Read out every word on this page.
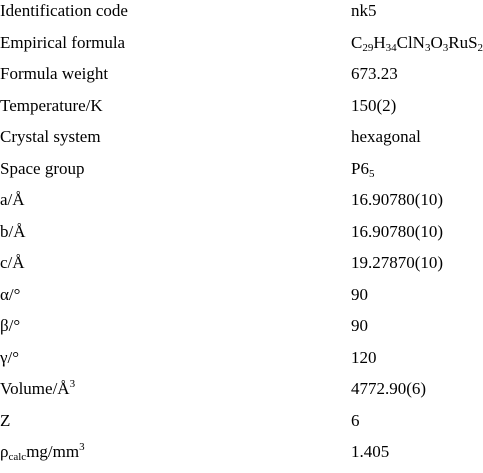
Identification code	nk5
Empirical formula	$C_{29}H_{34}ClN_3O_3RuS_2$
Formula weight	673.23
Temperature/K	150(2)
Crystal system	hexagonal
Space group	$P6_5$
a/Å	16.90780(10)
b/Å	16.90780(10)
c/Å	19.27870(10)
α/°	90
β/°	90
γ/°	120
Volume/$Å^3$	4772.90(6)
Z	6
$\rho_{calc}mg/mm^3$	1.405
